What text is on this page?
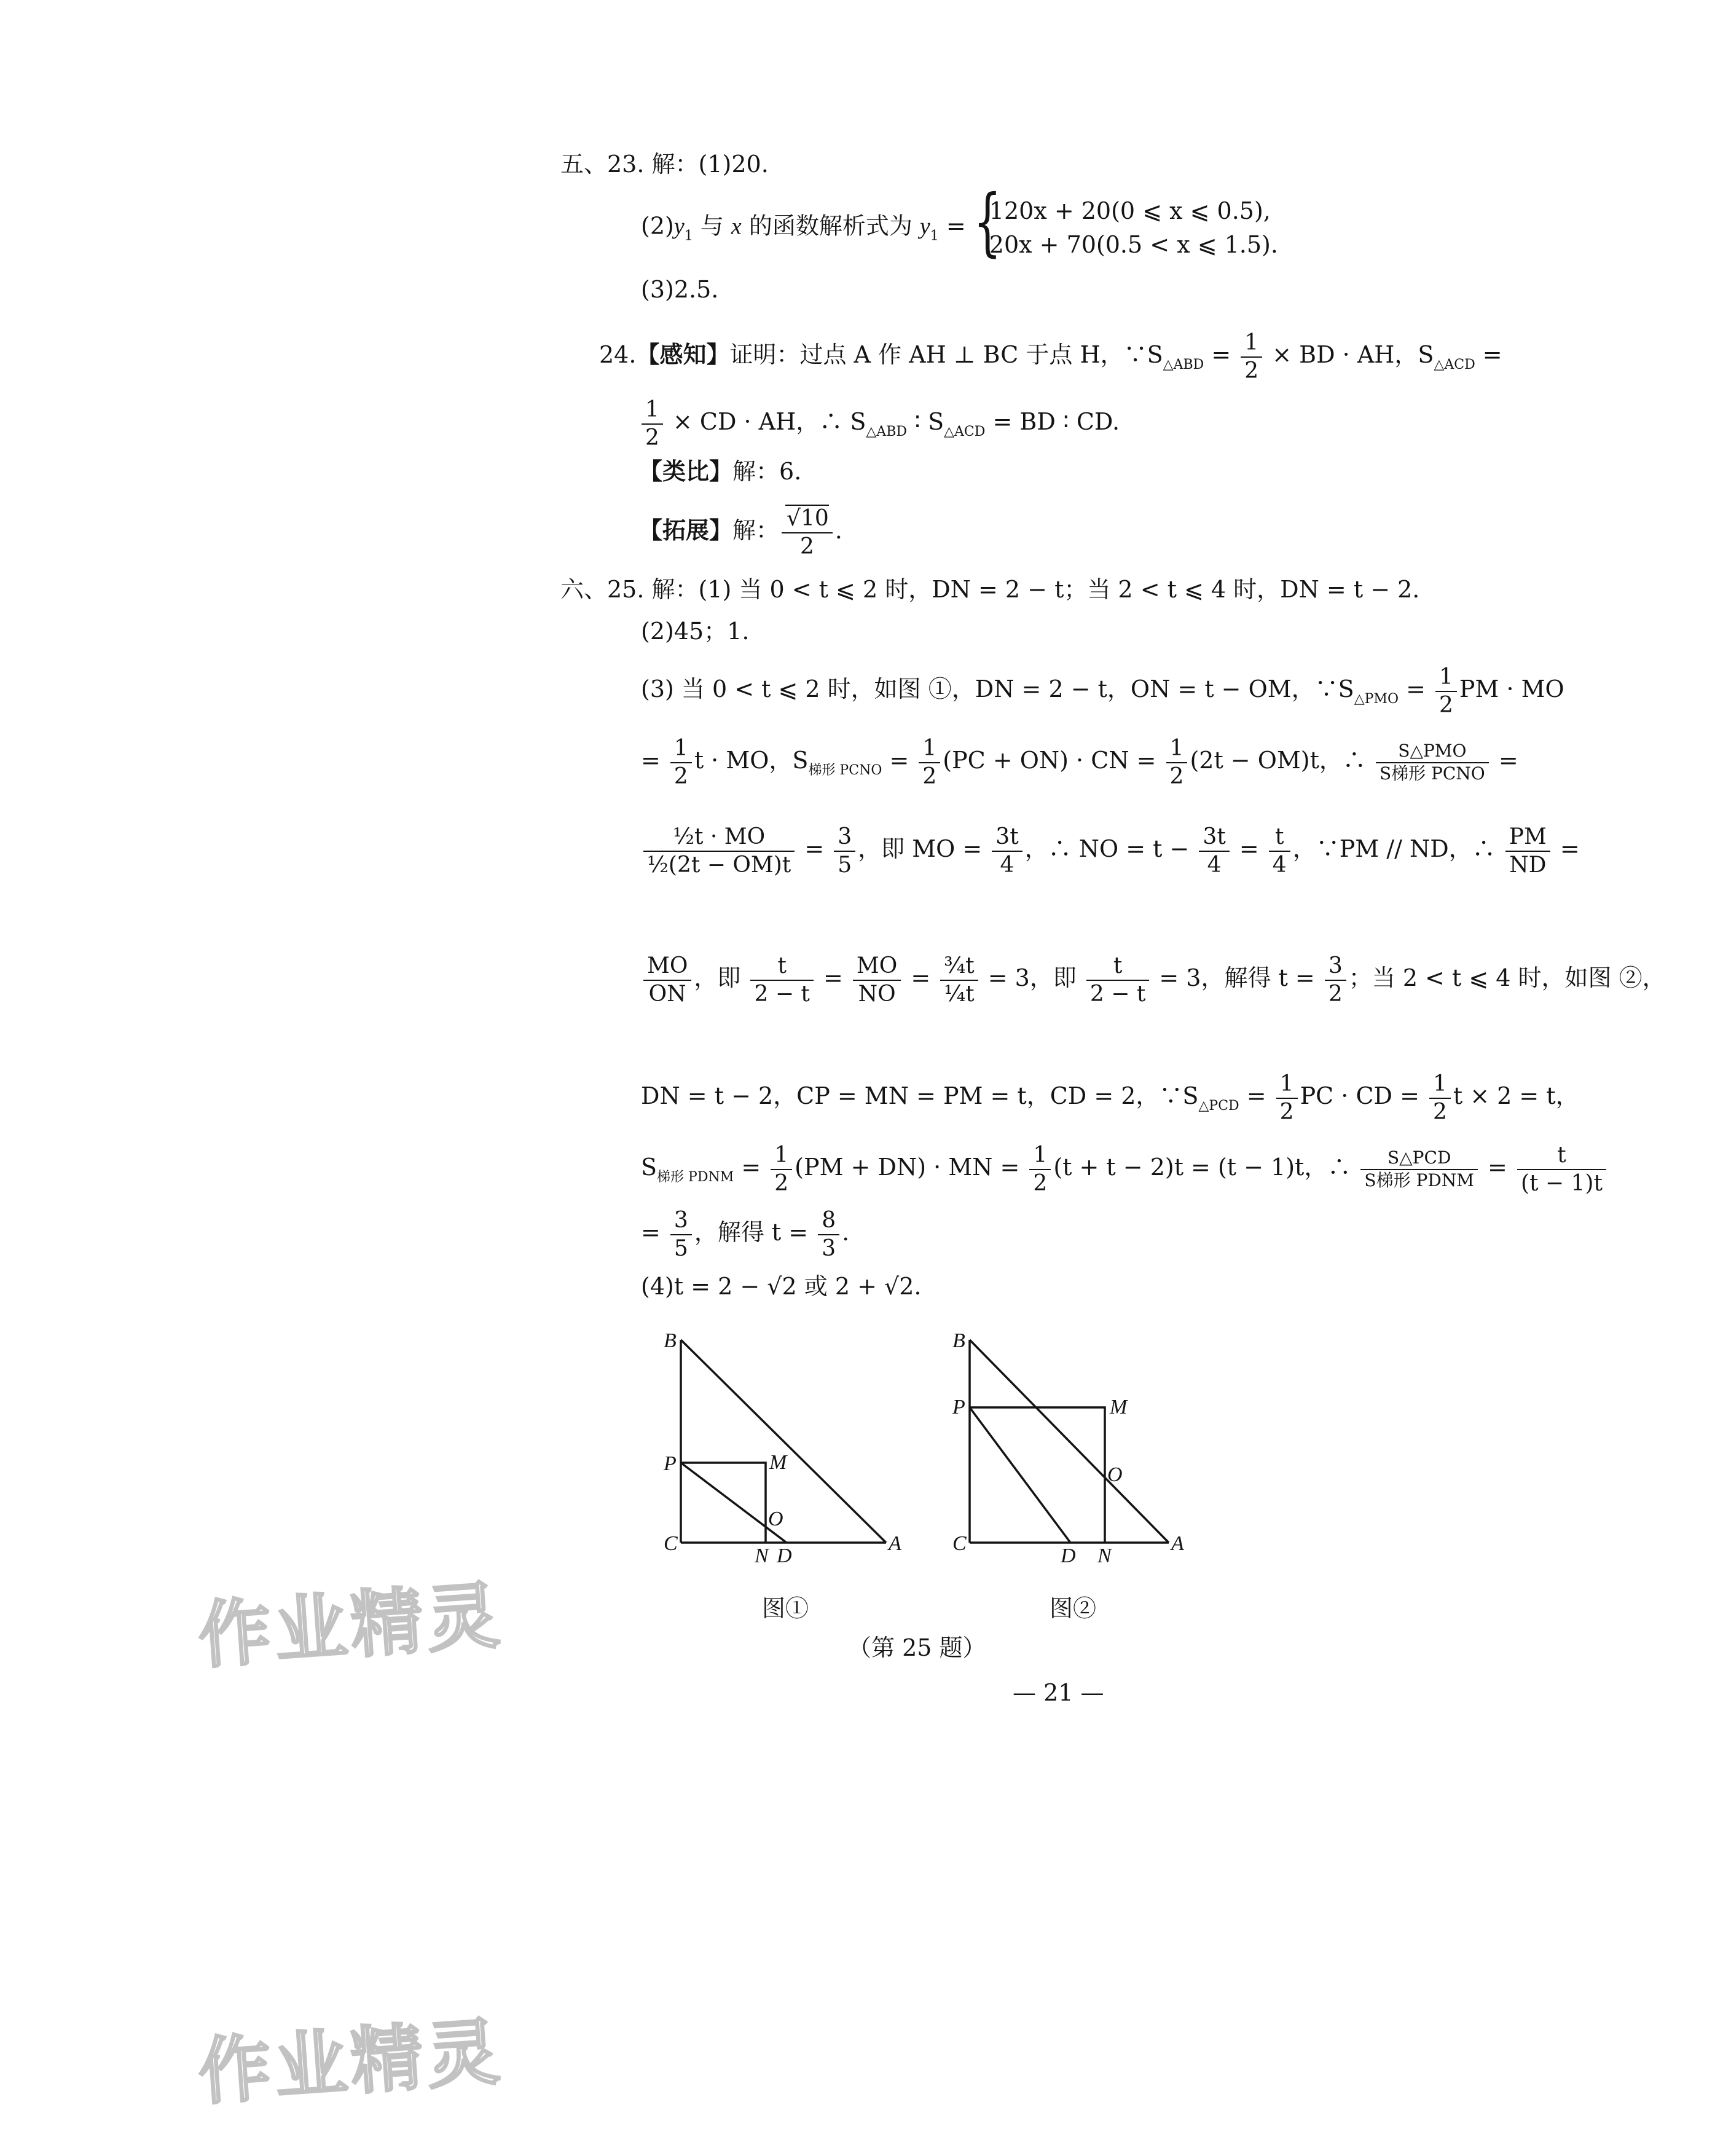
五、23. 解：(1)20.
$(2)y_1$ 与 x 的函数解析式为 $y_1$ =
{ 120x + 20(0 ⩽ x ⩽ 0.5),
20x + 70(0.5 < x ⩽ 1.5).
(3)2.5.
24.【感知】证明：过点 A 作 AH ⊥ BC 于点 H，$\because S_{\triangle ABD} = \frac{1}{2}$ × BD · AH，$S_{\triangle ACD}$ =
$\frac{1}{2}$ × CD · AH，∴ $S_{\triangle ABD}$ ∶ $S_{\triangle ACD}$ = BD ∶ CD.
【类比】解：6.
【拓展】解： $\frac{√10}{2}$ .
六、25. 解：(1) 当 0 < t ⩽ 2 时，DN = 2 − t；当 2 < t ⩽ 4 时，DN = t − 2.
(2)45；1.
(3) 当 0 < t ⩽ 2 时，如图 ①，DN = 2 − t，ON = t − OM，$\because S_{\triangle PMO} = \frac{1}{2}$ PM · MO
= $\frac{1}{2}$ t · MO，$S_{梯形 PCNO} = \frac{1}{2} (PC + ON)$ · CN = $\frac{1}{2} (2t - OM)t$，∴ $\frac{\text{S△PMO}}{\text{S梯形 PCNO}}$ =
$\frac{\text{½t · MO}}{\text{½(2t − OM)t}} = \frac{3}{5}$ ，即 MO = $\frac{3t}{4}$ ，∴ NO = $t - \frac{3t}{4} = \frac{t}{4}$ ，∵PM // ND，∴ $\frac{PM}{ND}$ =
$\frac{MO}{ON}$ ，即 $\frac{t}{2 - t} = \frac{MO}{NO} = \frac{\text{¾t}}{\text{¼t}} = 3$，即 $\frac{t}{2 - t} = 3$，解得 $t = \frac{3}{2}$ ；当 2 < t ⩽ 4 时，如图 ②，
DN = t − 2，CP = MN = PM = t，CD = 2，$\because S_{\triangle PCD} = \frac{1}{2}$ PC · CD = $\frac{1}{2}$ t × 2 = t，
$S_{梯形 PDNM} = \frac{1}{2} (PM + DN)$ · MN = $\frac{1}{2} (t + t - 2)t = (t - 1)t$，∴ $\frac{\text{S△PCD}}{\text{S梯形 PDNM}} = \frac{t}{(t - 1)t}$
= $\frac{3}{5}$ ，解得 $t = \frac{8}{3}$ .
(4)t = 2 − √2 或 2 + √2.
B
P	M
O
C
N D
A
图①
B
P	M
O
C
D N
A
图②
（第 25 题）
— 21 —
作业精灵
作业精灵
